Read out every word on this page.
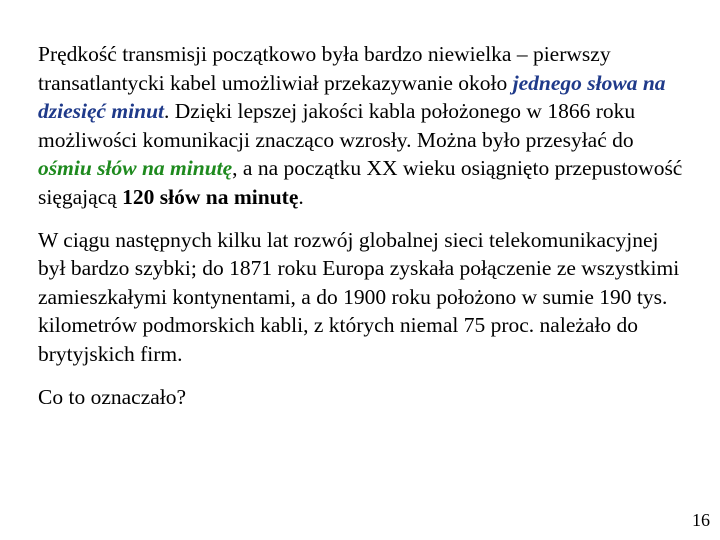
Prędkość transmisji początkowo była bardzo niewielka – pierwszy transatlantycki kabel umożliwiał przekazywanie około jednego słowa na dziesięć minut. Dzięki lepszej jakości kabla położonego w 1866 roku możliwości komunikacji znacząco wzrosły. Można było przesyłać do ośmiu słów na minutę, a na początku XX wieku osiągnięto przepustowość sięgającą 120 słów na minutę.

W ciągu następnych kilku lat rozwój globalnej sieci telekomunikacyjnej był bardzo szybki; do 1871 roku Europa zyskała połączenie ze wszystkimi zamieszkałymi kontynentami, a do 1900 roku położono w sumie 190 tys. kilometrów podmorskich kabli, z których niemal 75 proc. należało do brytyjskich firm.

Co to oznaczało?

16
